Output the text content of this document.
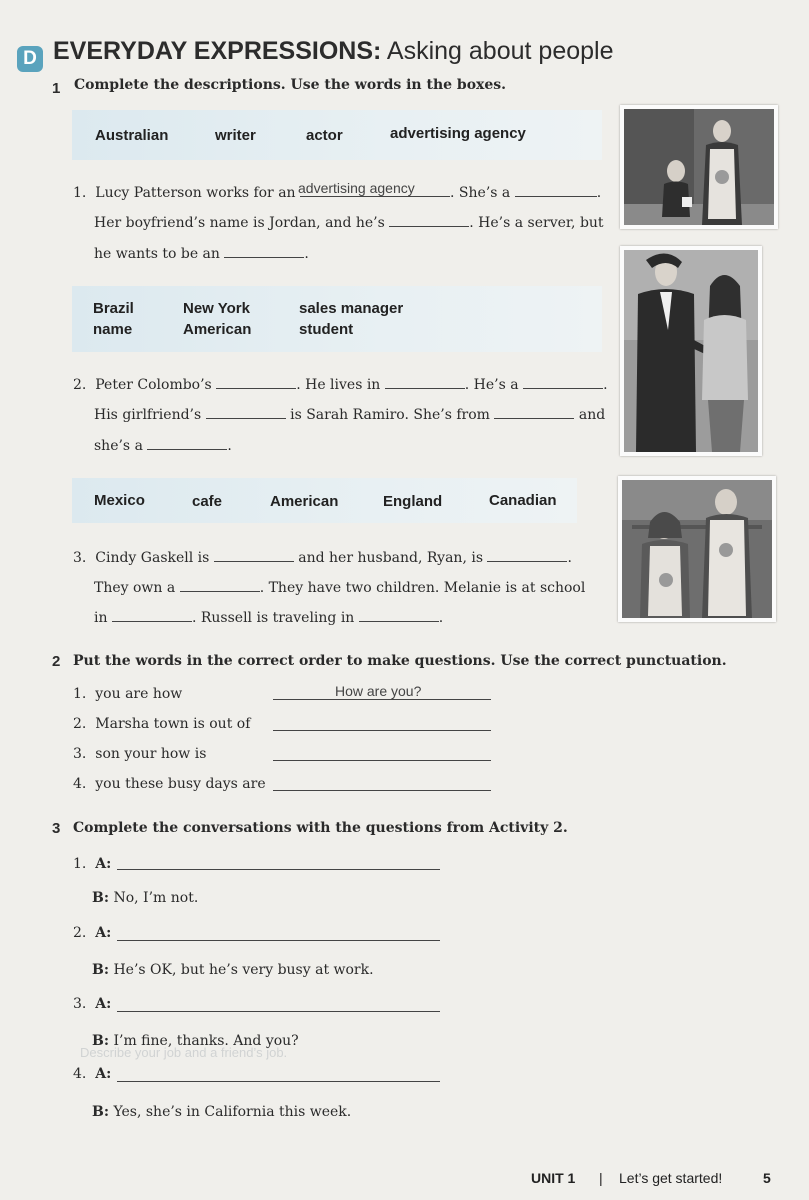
Describe your job and a friend’s job.
D EVERYDAY EXPRESSIONS: Asking about people
1 Complete the descriptions. Use the words in the boxes.
Australian	writer	actor	advertising agency
1. Lucy Patterson works for an	. She’s a	.
advertising agency
Her boyfriend’s name is Jordan, and he’s	. He’s a server, but
he wants to be an	.
Brazil	New York	sales manager
name	American	student
2. Peter Colombo’s	. He lives in	. He’s a	.
His girlfriend’s	is Sarah Ramiro. She’s from	and
she’s a	.
Mexico	cafe	American	England	Canadian
3. Cindy Gaskell is	and her husband, Ryan, is	.
They own a	. They have two children. Melanie is at school
in	. Russell is traveling in	.
2 Put the words in the correct order to make questions. Use the correct punctuation.
1. you are how	How are you?
2. Marsha town is out of
3. son your how is
4. you these busy days are
3 Complete the conversations with the questions from Activity 2.
1. A:
B: No, I’m not.
2. A:
B: He’s OK, but he’s very busy at work.
3. A:
B: I’m fine, thanks. And you?
4. A:
B: Yes, she’s in California this week.
UNIT 1 | Let’s get started!	5
